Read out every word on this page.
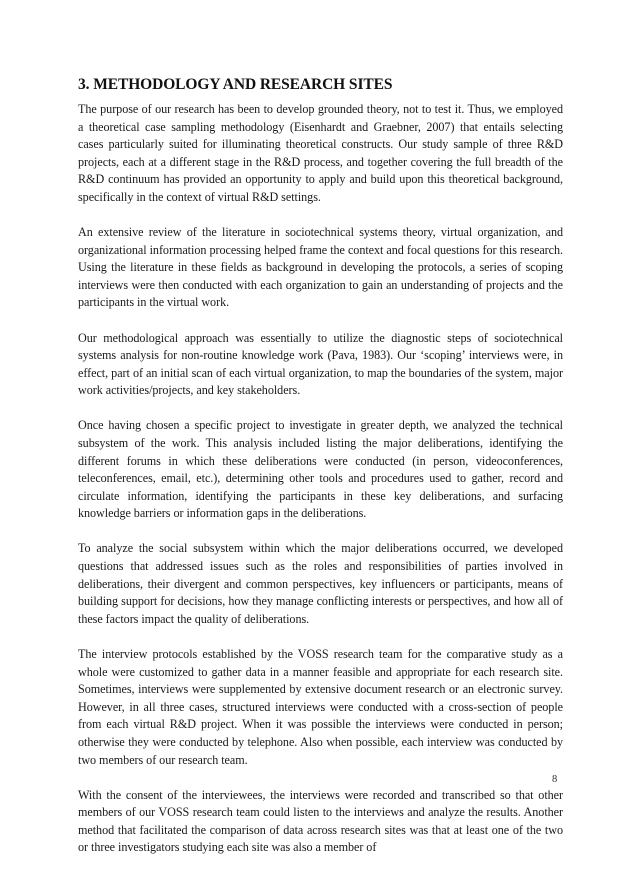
3. METHODOLOGY AND RESEARCH SITES

The purpose of our research has been to develop grounded theory, not to test it. Thus, we employed a theoretical case sampling methodology (Eisenhardt and Graebner, 2007) that entails selecting cases particularly suited for illuminating theoretical constructs. Our study sample of three R&D projects, each at a different stage in the R&D process, and together covering the full breadth of the R&D continuum has provided an opportunity to apply and build upon this theoretical background, specifically in the context of virtual R&D settings.

An extensive review of the literature in sociotechnical systems theory, virtual organization, and organizational information processing helped frame the context and focal questions for this research. Using the literature in these fields as background in developing the protocols, a series of scoping interviews were then conducted with each organization to gain an understanding of projects and the participants in the virtual work.

Our methodological approach was essentially to utilize the diagnostic steps of sociotechnical systems analysis for non-routine knowledge work (Pava, 1983). Our ‘scoping’ interviews were, in effect, part of an initial scan of each virtual organization, to map the boundaries of the system, major work activities/projects, and key stakeholders.

Once having chosen a specific project to investigate in greater depth, we analyzed the technical subsystem of the work. This analysis included listing the major deliberations, identifying the different forums in which these deliberations were conducted (in person, videoconferences, teleconferences, email, etc.), determining other tools and procedures used to gather, record and circulate information, identifying the participants in these key deliberations, and surfacing knowledge barriers or information gaps in the deliberations.

To analyze the social subsystem within which the major deliberations occurred, we developed questions that addressed issues such as the roles and responsibilities of parties involved in deliberations, their divergent and common perspectives, key influencers or participants, means of building support for decisions, how they manage conflicting interests or perspectives, and how all of these factors impact the quality of deliberations.

The interview protocols established by the VOSS research team for the comparative study as a whole were customized to gather data in a manner feasible and appropriate for each research site. Sometimes, interviews were supplemented by extensive document research or an electronic survey. However, in all three cases, structured interviews were conducted with a cross-section of people from each virtual R&D project. When it was possible the interviews were conducted in person; otherwise they were conducted by telephone. Also when possible, each interview was conducted by two members of our research team.

With the consent of the interviewees, the interviews were recorded and transcribed so that other members of our VOSS research team could listen to the interviews and analyze the results. Another method that facilitated the comparison of data across research sites was that at least one of the two or three investigators studying each site was also a member of

8
